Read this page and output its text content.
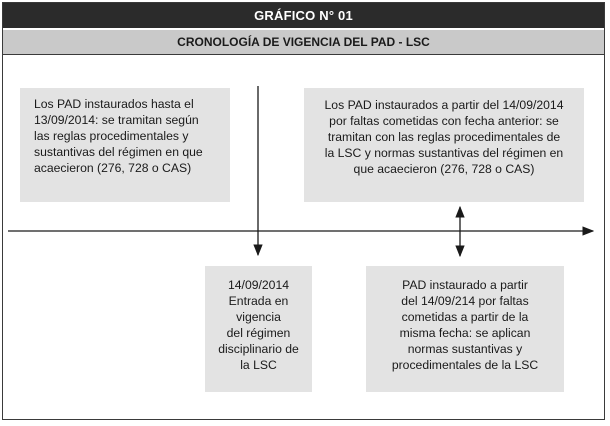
GRÁFICO N° 01
CRONOLOGÍA DE VIGENCIA DEL PAD - LSC
Los PAD instaurados hasta el
13/09/2014: se tramitan según
las reglas procedimentales y
sustantivas del régimen en que
acaecieron (276, 728 o CAS)
Los PAD instaurados a partir del 14/09/2014
por faltas cometidas con fecha anterior: se
tramitan con las reglas procedimentales de
la LSC y normas sustantivas del régimen en
que acaecieron (276, 728 o CAS)
14/09/2014
Entrada en
vigencia
del régimen
disciplinario de
la LSC
PAD instaurado a partir
del 14/09/214 por faltas
cometidas a partir de la
misma fecha: se aplican
normas sustantivas y
procedimentales de la LSC
